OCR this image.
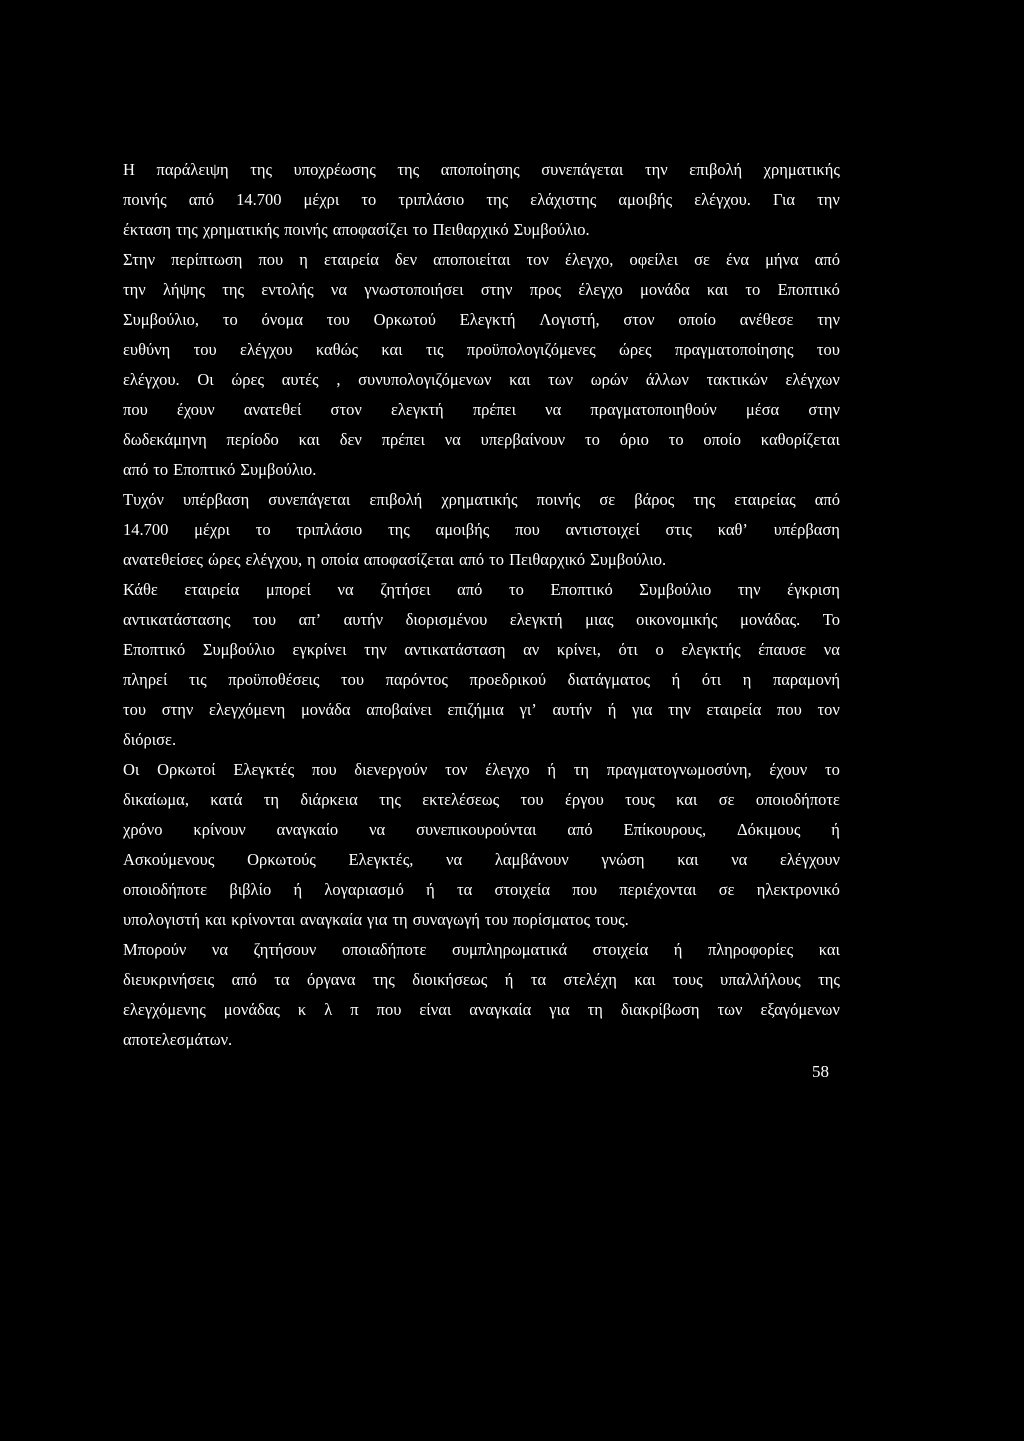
Η παράλειψη της υποχρέωσης της αποποίησης συνεπάγεται την επιβολή χρηματικής
ποινής από 14.700 μέχρι το τριπλάσιο της ελάχιστης αμοιβής ελέγχου. Για την
έκταση της χρηματικής ποινής αποφασίζει το Πειθαρχικό Συμβούλιο.
Στην περίπτωση που η εταιρεία δεν αποποιείται τον έλεγχο, οφείλει σε ένα μήνα από
την λήψης της εντολής να γνωστοποιήσει στην προς έλεγχο μονάδα και το Εποπτικό
Συμβούλιο, το όνομα του Ορκωτού Ελεγκτή Λογιστή, στον οποίο ανέθεσε την
ευθύνη του ελέγχου καθώς και τις προϋπολογιζόμενες ώρες πραγματοποίησης του
ελέγχου. Οι ώρες αυτές , συνυπολογιζόμενων και των ωρών άλλων τακτικών ελέγχων
που έχουν ανατεθεί στον ελεγκτή πρέπει να πραγματοποιηθούν μέσα στην
δωδεκάμηνη περίοδο και δεν πρέπει να υπερβαίνουν το όριο το οποίο καθορίζεται
από το Εποπτικό Συμβούλιο.
Τυχόν υπέρβαση συνεπάγεται επιβολή χρηματικής ποινής σε βάρος της εταιρείας από
14.700 μέχρι το τριπλάσιο της αμοιβής που αντιστοιχεί στις καθ’ υπέρβαση
ανατεθείσες ώρες ελέγχου, η οποία αποφασίζεται από το Πειθαρχικό Συμβούλιο.
Κάθε εταιρεία μπορεί να ζητήσει από το Εποπτικό Συμβούλιο την έγκριση
αντικατάστασης του απ’ αυτήν διορισμένου ελεγκτή μιας οικονομικής μονάδας. Το
Εποπτικό Συμβούλιο εγκρίνει την αντικατάσταση αν κρίνει, ότι ο ελεγκτής έπαυσε να
πληρεί τις προϋποθέσεις του παρόντος προεδρικού διατάγματος ή ότι η παραμονή
του στην ελεγχόμενη μονάδα αποβαίνει επιζήμια γι’ αυτήν ή για την εταιρεία που τον
διόρισε.
Οι Ορκωτοί Ελεγκτές που διενεργούν τον έλεγχο ή τη πραγματογνωμοσύνη, έχουν το
δικαίωμα, κατά τη διάρκεια της εκτελέσεως του έργου τους και σε οποιοδήποτε
χρόνο κρίνουν αναγκαίο να συνεπικουρούνται από Επίκουρους, Δόκιμους ή
Ασκούμενους Ορκωτούς Ελεγκτές, να λαμβάνουν γνώση και να ελέγχουν
οποιοδήποτε βιβλίο ή λογαριασμό ή τα στοιχεία που περιέχονται σε ηλεκτρονικό
υπολογιστή και κρίνονται αναγκαία για τη συναγωγή του πορίσματος τους.
Μπορούν να ζητήσουν οποιαδήποτε συμπληρωματικά στοιχεία ή πληροφορίες και
διευκρινήσεις από τα όργανα της διοικήσεως ή τα στελέχη και τους υπαλλήλους της
ελεγχόμενης μονάδας κ λ π που είναι αναγκαία για τη διακρίβωση των εξαγόμενων
αποτελεσμάτων.
58
